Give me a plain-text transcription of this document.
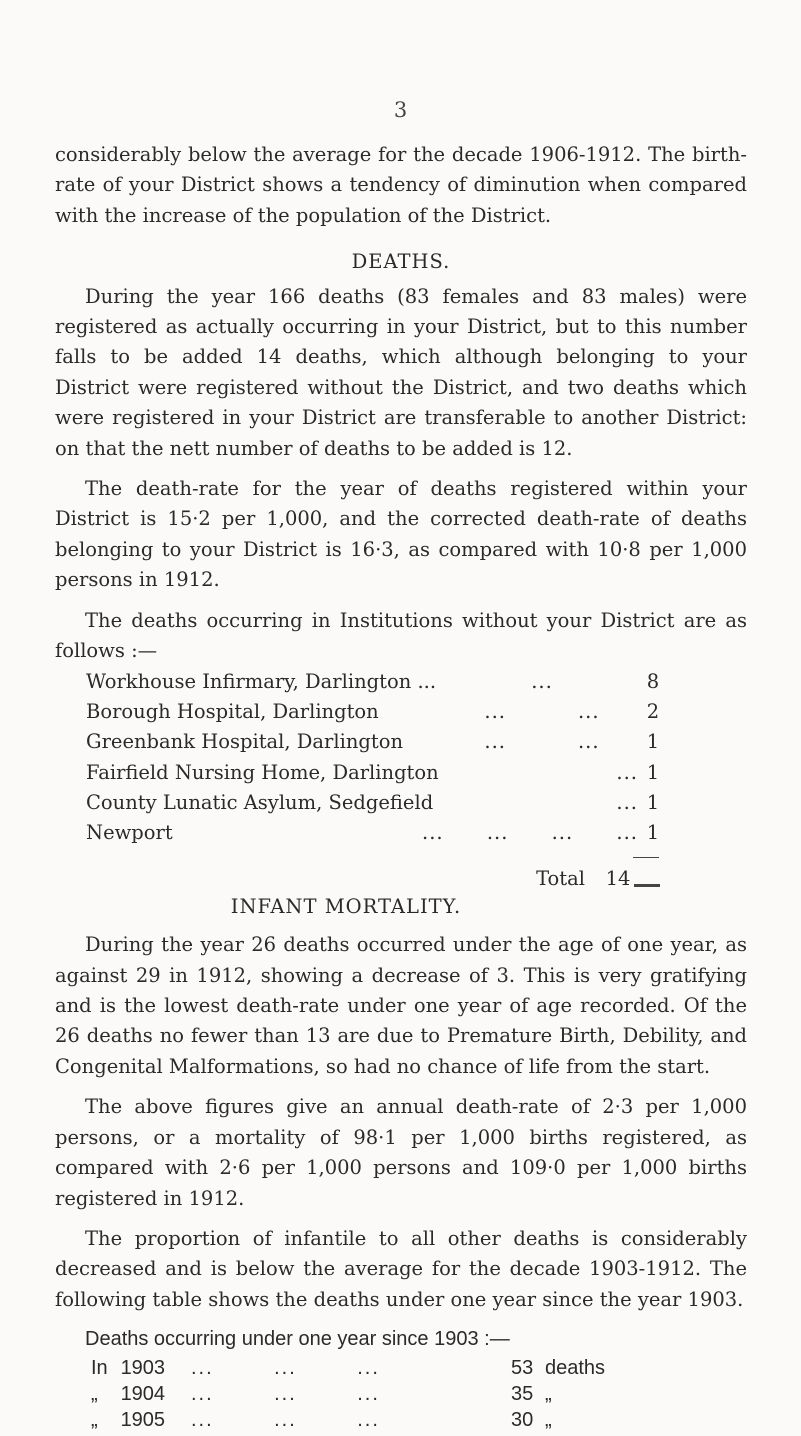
3

considerably below the average for the decade 1906-1912. The birth-rate of your District shows a tendency of diminution when compared with the increase of the population of the District.

DEATHS.

During the year 166 deaths (83 females and 83 males) were registered as actually occurring in your District, but to this number falls to be added 14 deaths, which although belonging to your District were registered without the District, and two deaths which were registered in your District are transferable to another District: on that the nett number of deaths to be added is 12.

The death-rate for the year of deaths registered within your District is 15·2 per 1,000, and the corrected death-rate of deaths belonging to your District is 16·3, as compared with 10·8 per 1,000 persons in 1912.

The deaths occurring in Institutions without your District are as follows :—

Workhouse Infirmary, Darlington ...	...	8
Borough Hospital, Darlington	...          ...	2
Greenbank Hospital, Darlington	...          ...	1
Fairfield Nursing Home, Darlington	... 1
County Lunatic Asylum, Sedgefield	... 1
Newport	...      ...      ...      ... 1
Total	14
INFANT MORTALITY.

During the year 26 deaths occurred under the age of one year, as against 29 in 1912, showing a decrease of 3. This is very gratifying and is the lowest death-rate under one year of age recorded. Of the 26 deaths no fewer than 13 are due to Premature Birth, Debility, and Congenital Malformations, so had no chance of life from the start.

The above figures give an annual death-rate of 2·3 per 1,000 persons, or a mortality of 98·1 per 1,000 births registered, as compared with 2·6 per 1,000 persons and 109·0 per 1,000 births registered in 1912.

The proportion of infantile to all other deaths is considerably decreased and is below the average for the decade 1903-1912. The following table shows the deaths under one year since the year 1903.

Deaths occurring under one year since 1903 :—

In 1903	...        ...        ...	53 deaths
„ 1904	...        ...        ...	35 „
„ 1905	...        ...        ...	30 „
